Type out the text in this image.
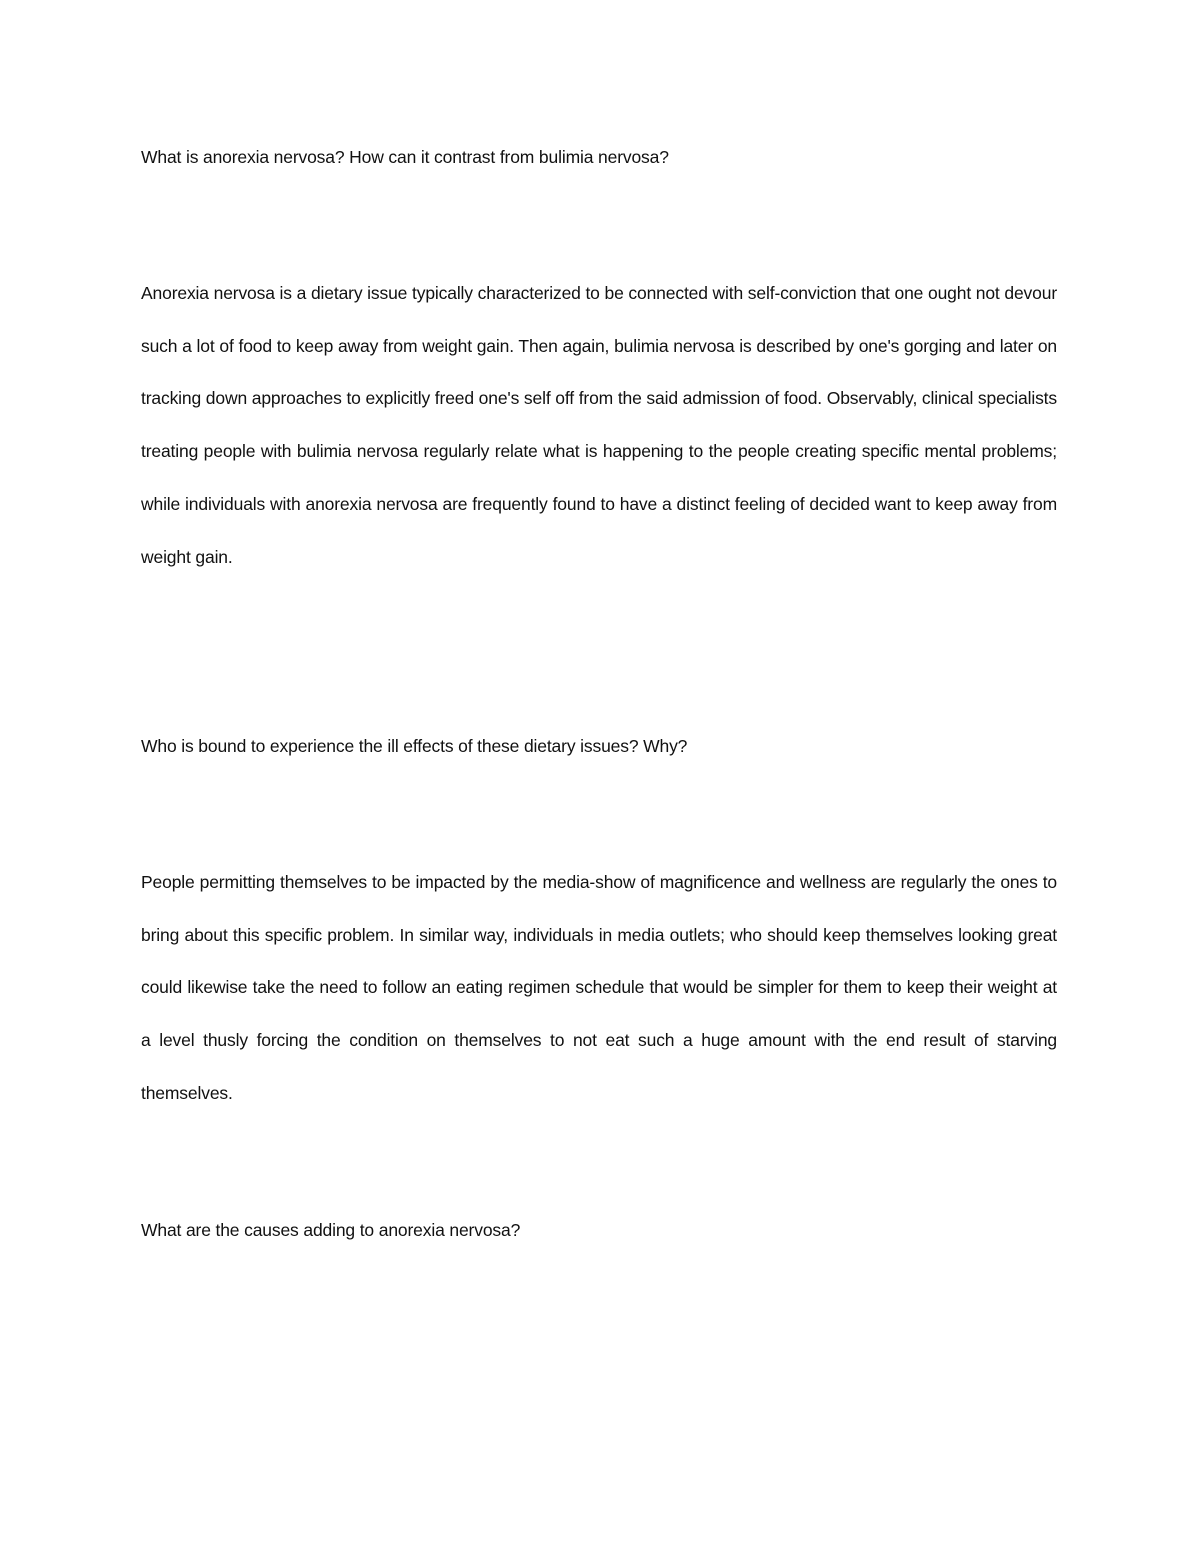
What is anorexia nervosa? How can it contrast from bulimia nervosa?
Anorexia nervosa is a dietary issue typically characterized to be connected with self-conviction that one ought not devour such a lot of food to keep away from weight gain. Then again, bulimia nervosa is described by one's gorging and later on tracking down approaches to explicitly freed one's self off from the said admission of food. Observably, clinical specialists treating people with bulimia nervosa regularly relate what is happening to the people creating specific mental problems; while individuals with anorexia nervosa are frequently found to have a distinct feeling of decided want to keep away from weight gain.
Who is bound to experience the ill effects of these dietary issues? Why?
People permitting themselves to be impacted by the media-show of magnificence and wellness are regularly the ones to bring about this specific problem. In similar way, individuals in media outlets; who should keep themselves looking great could likewise take the need to follow an eating regimen schedule that would be simpler for them to keep their weight at a level thusly forcing the condition on themselves to not eat such a huge amount with the end result of starving themselves.
What are the causes adding to anorexia nervosa?
